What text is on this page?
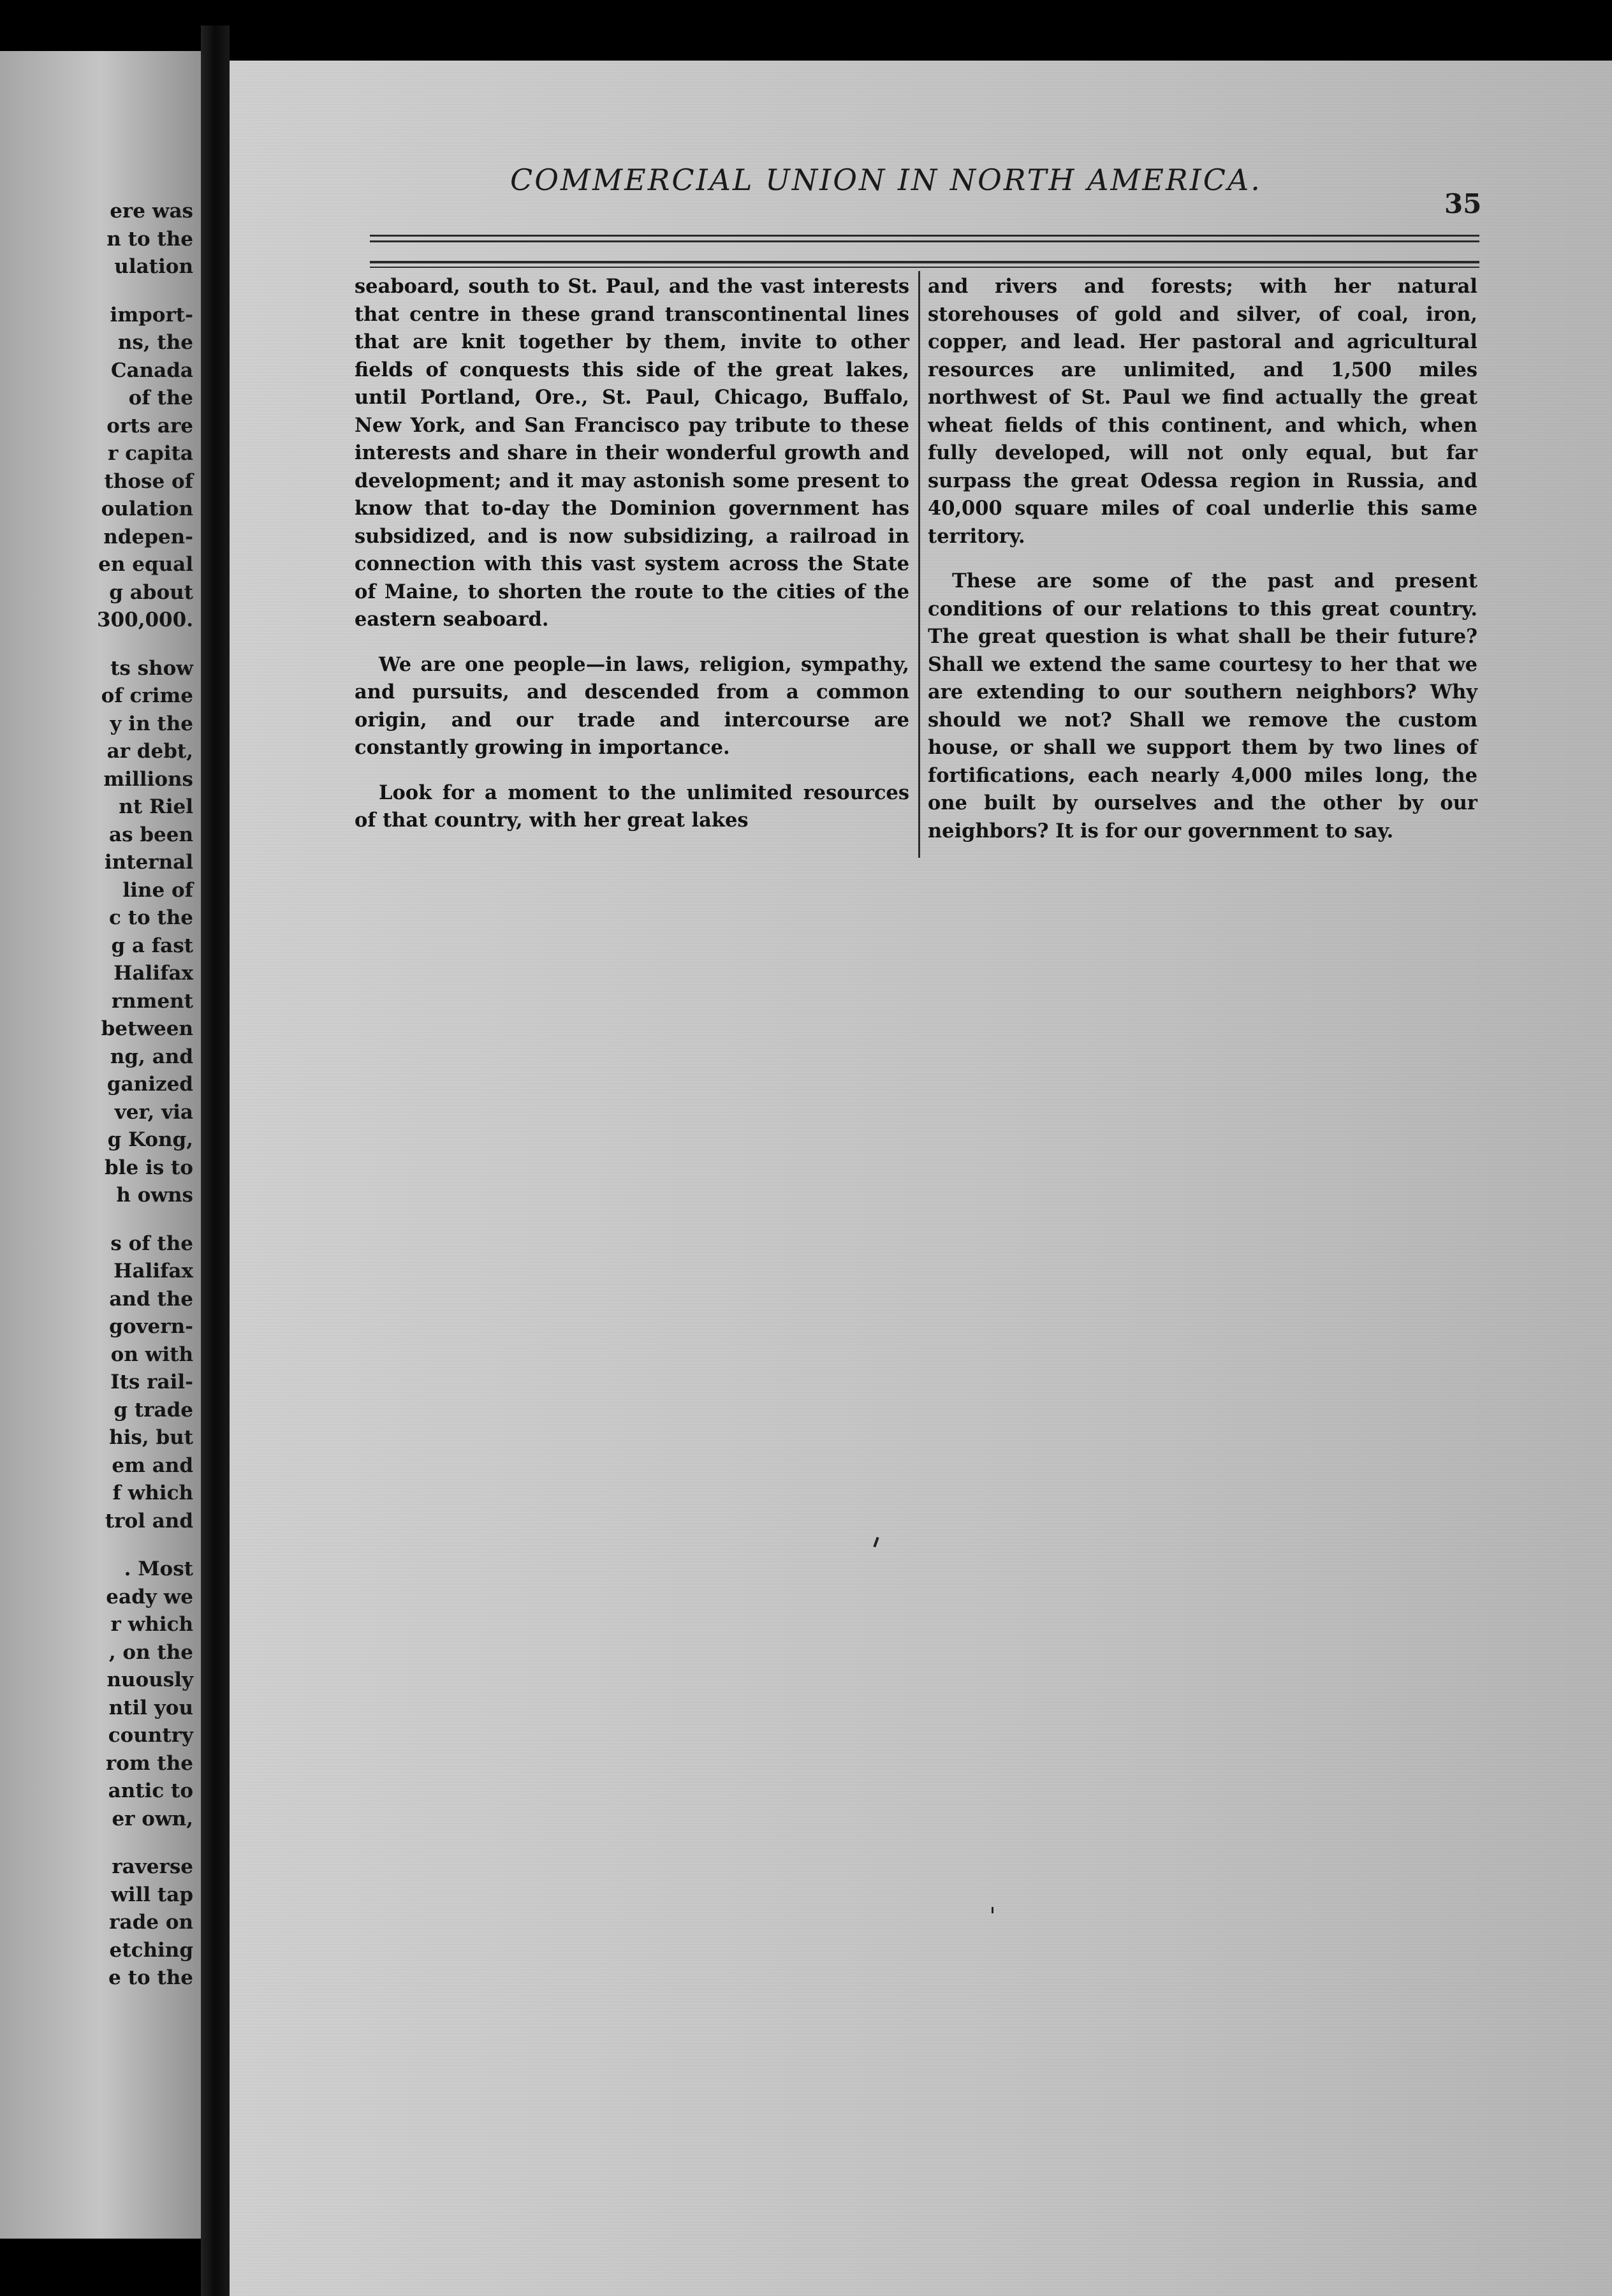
ere was
n to the
ulation

import-
ns, the
Canada
of the
orts are
r capita
those of
oulation
ndepen-
en equal
g about
300,000.

ts show
of crime
y in the
ar debt,
millions
nt Riel
as been
internal
line of
c to the
g a fast
Halifax
rnment
between
ng, and
ganized
ver, via
g Kong,
ble is to
h owns

s of the
Halifax
and the
govern-
on with
Its rail-
g trade
his, but
em and
f which
trol and

. Most
eady we
r which
, on the
nuously
ntil you
country
rom the
antic to
er own,

raverse
will tap
rade on
etching
e to the

COMMERCIAL UNION IN NORTH AMERICA.
35

seaboard, south to St. Paul, and the vast interests that centre in these grand transcontinental lines that are knit together by them, invite to other fields of conquests this side of the great lakes, until Portland, Ore., St. Paul, Chicago, Buffalo, New York, and San Francisco pay tribute to these interests and share in their wonderful growth and development; and it may astonish some present to know that to-day the Dominion government has subsidized, and is now subsidizing, a railroad in connection with this vast system across the State of Maine, to shorten the route to the cities of the eastern seaboard.

We are one people—in laws, religion, sympathy, and pursuits, and descended from a common origin, and our trade and intercourse are constantly growing in importance.

Look for a moment to the unlimited resources of that country, with her great lakes

and rivers and forests; with her natural storehouses of gold and silver, of coal, iron, copper, and lead. Her pastoral and agricultural resources are unlimited, and 1,500 miles northwest of St. Paul we find actually the great wheat fields of this continent, and which, when fully developed, will not only equal, but far surpass the great Odessa region in Russia, and 40,000 square miles of coal underlie this same territory.

These are some of the past and present conditions of our relations to this great country. The great question is what shall be their future? Shall we extend the same courtesy to her that we are extending to our southern neighbors? Why should we not? Shall we remove the custom house, or shall we support them by two lines of fortifications, each nearly 4,000 miles long, the one built by ourselves and the other by our neighbors? It is for our government to say.
